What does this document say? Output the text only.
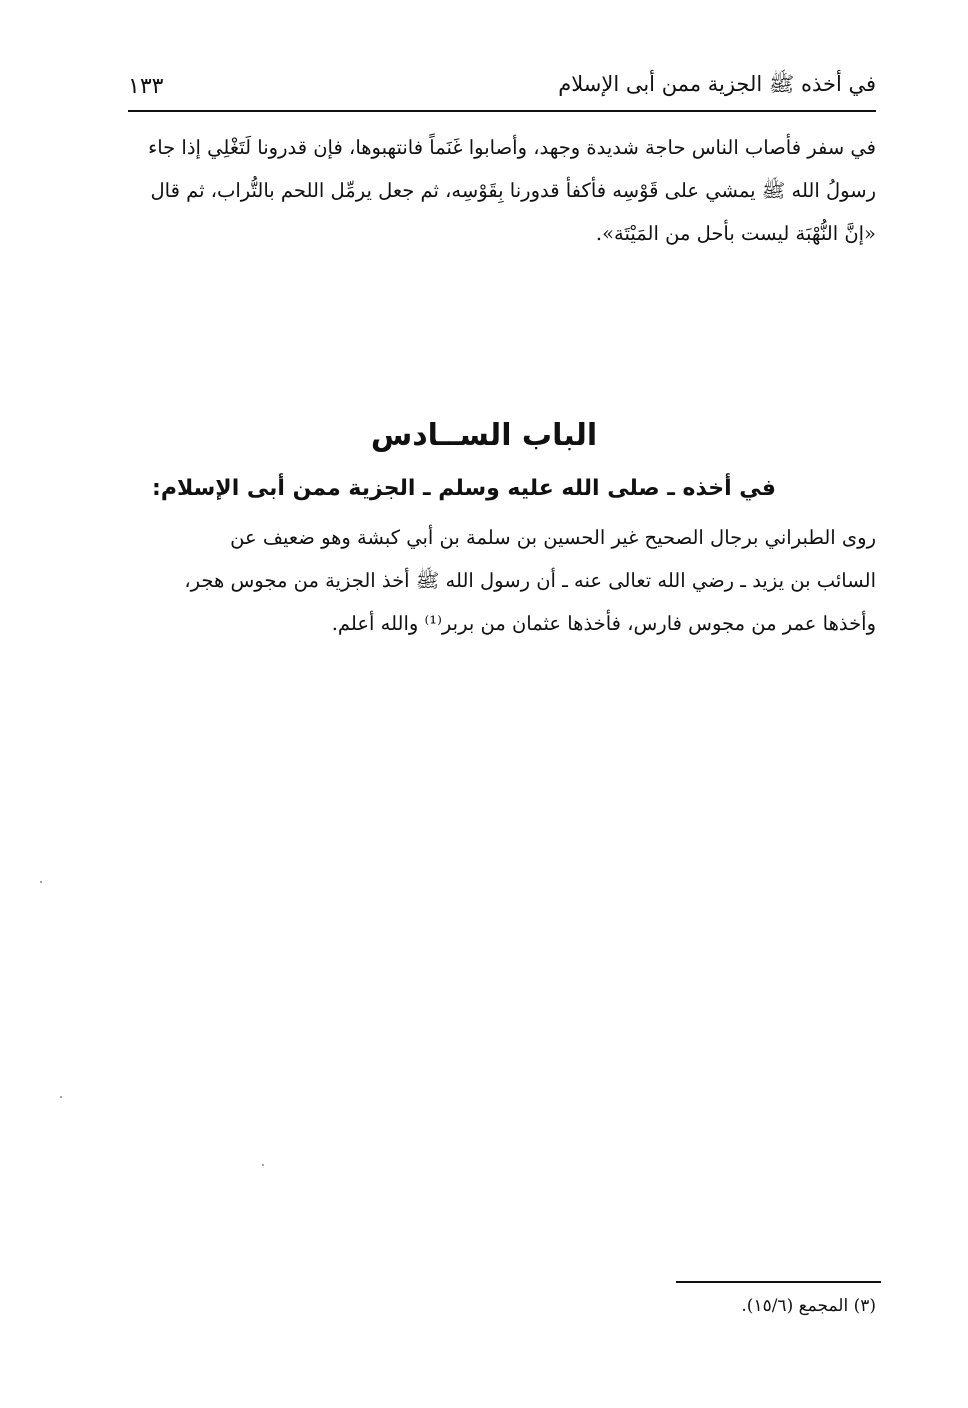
في أخذه ﷺ الجزية ممن أبى الإسلام
١٣٣

في سفر فأصاب الناس حاجة شديدة وجهد، وأصابوا غَنَماً فانتهبوها، فإن قدرونا لَتَغْلِي إذا جاء

رسولُ الله ﷺ يمشي على قَوْسِه فأكفأ قدورنا بِقَوْسِه، ثم جعل يرمِّل اللحم بالتُّراب، ثم قال

«إنَّ النُّهْبَة ليست بأحل من المَيْتَة».

الباب الســادس
في أخذه ـ صلى الله عليه وسلم ـ الجزية ممن أبى الإسلام:

روى الطبراني برجال الصحيح غير الحسين بن سلمة بن أبي كبشة وهو ضعيف عن

السائب بن يزيد ـ رضي الله تعالى عنه ـ أن رسول الله ﷺ أخذ الجزية من مجوس هجر،

وأخذها عمر من مجوس فارس، فأخذها عثمان من بربر⁽¹⁾ والله أعلم.

(٣) المجمع (١٥/٦).
